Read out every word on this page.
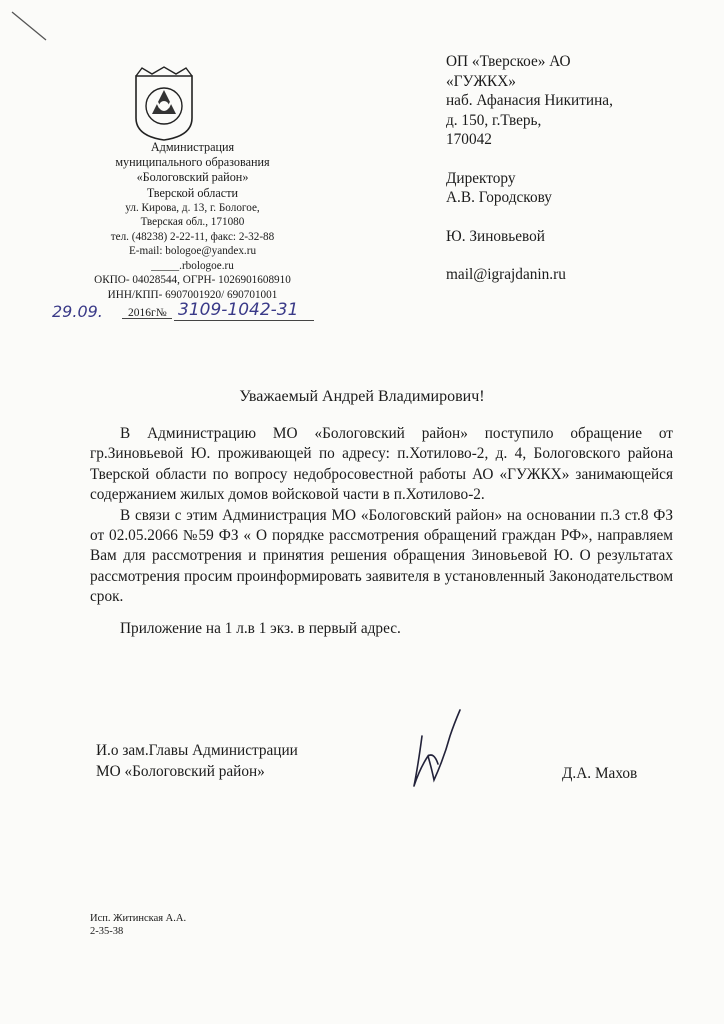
Администрация
муниципального образования
«Бологовский район»
Тверской области
ул. Кирова, д. 13, г. Бологое,
Тверская обл., 171080
тел. (48238) 2-22-11, факс: 2-32-88
E-mail: bologoe@yandex.ru
_____.rbologoe.ru
ОКПО- 04028544, ОГРН- 1026901608910
ИНН/КПП- 6907001920/ 690701001
29.09. 2016г№ 3109-1042-31

ОП «Тверское» АО

«ГУЖКХ»

наб. Афанасия Никитина,

д. 150, г.Тверь,

170042

Директору

А.В. Городскову

Ю. Зиновьевой

mail@igrajdanin.ru

Уважаемый Андрей Владимирович!

В Администрацию МО «Бологовский район» поступило обращение от гр.Зиновьевой Ю. проживающей по адресу: п.Хотилово-2, д. 4, Бологовского района Тверской области по вопросу недобросовестной работы АО «ГУЖКХ» занимающейся содержанием жилых домов войсковой части в п.Хотилово-2.

В связи с этим Администрация МО «Бологовский район» на основании п.3 ст.8 ФЗ от 02.05.2066 №59 ФЗ « О порядке рассмотрения обращений граждан РФ», направляем Вам для рассмотрения и принятия решения обращения Зиновьевой Ю. О результатах рассмотрения просим проинформировать заявителя в установленный Законодательством срок.

Приложение на 1 л.в 1 экз. в первый адрес.
И.о зам.Главы Администрации
МО «Бологовский район»	Д.А. Махов
Исп. Житинская А.А.
2-35-38
